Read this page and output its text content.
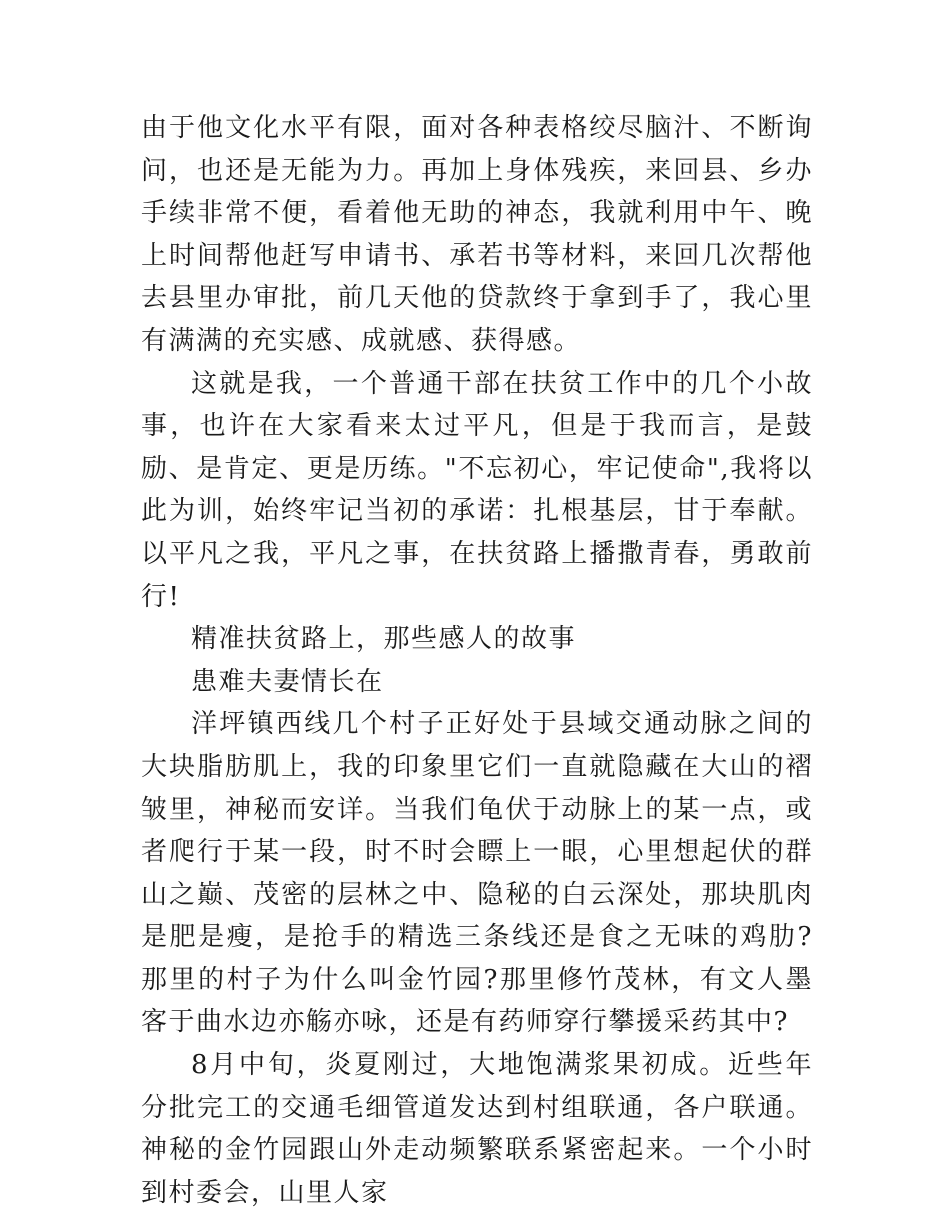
由于他文化水平有限，面对各种表格绞尽脑汁、不断询问，也还是无能为力。再加上身体残疾，来回县、乡办手续非常不便，看着他无助的神态，我就利用中午、晚上时间帮他赶写申请书、承若书等材料，来回几次帮他去县里办审批，前几天他的贷款终于拿到手了，我心里有满满的充实感、成就感、获得感。

这就是我，一个普通干部在扶贫工作中的几个小故事，也许在大家看来太过平凡，但是于我而言，是鼓励、是肯定、更是历练。"不忘初心，牢记使命",我将以此为训，始终牢记当初的承诺：扎根基层，甘于奉献。以平凡之我，平凡之事，在扶贫路上播撒青春，勇敢前行!

精准扶贫路上，那些感人的故事

患难夫妻情长在

洋坪镇西线几个村子正好处于县域交通动脉之间的大块脂肪肌上，我的印象里它们一直就隐藏在大山的褶皱里，神秘而安详。当我们龟伏于动脉上的某一点，或者爬行于某一段，时不时会瞟上一眼，心里想起伏的群山之巅、茂密的层林之中、隐秘的白云深处，那块肌肉是肥是瘦，是抢手的精选三条线还是食之无味的鸡肋?那里的村子为什么叫金竹园?那里修竹茂林，有文人墨客于曲水边亦觞亦咏，还是有药师穿行攀援采药其中?

8月中旬，炎夏刚过，大地饱满浆果初成。近些年分批完工的交通毛细管道发达到村组联通，各户联通。神秘的金竹园跟山外走动频繁联系紧密起来。一个小时到村委会，山里人家
